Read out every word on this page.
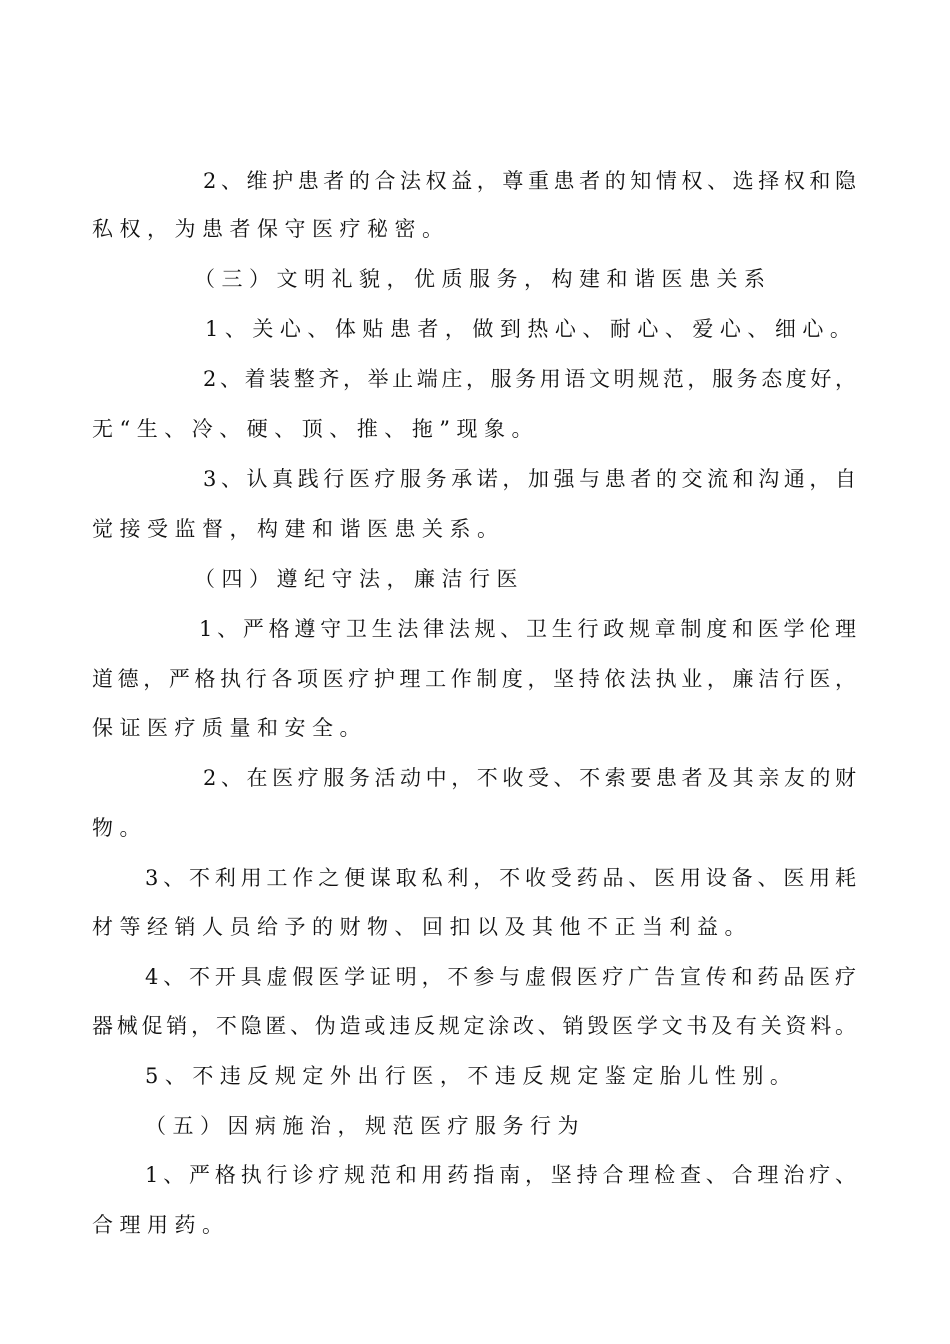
2、维护患者的合法权益，尊重患者的知情权、选择权和隐
私权，为患者保守医疗秘密。
（三）文明礼貌，优质服务，构建和谐医患关系
1、关心、体贴患者，做到热心、耐心、爱心、细心。
2、着装整齐，举止端庄，服务用语文明规范，服务态度好，
无“生、冷、硬、顶、推、拖”现象。
3、认真践行医疗服务承诺，加强与患者的交流和沟通，自
觉接受监督，构建和谐医患关系。
（四）遵纪守法，廉洁行医
1、严格遵守卫生法律法规、卫生行政规章制度和医学伦理
道德，严格执行各项医疗护理工作制度，坚持依法执业，廉洁行医，
保证医疗质量和安全。
2、在医疗服务活动中，不收受、不索要患者及其亲友的财
物。
3、不利用工作之便谋取私利，不收受药品、医用设备、医用耗
材等经销人员给予的财物、回扣以及其他不正当利益。
4、不开具虚假医学证明，不参与虚假医疗广告宣传和药品医疗
器械促销，不隐匿、伪造或违反规定涂改、销毁医学文书及有关资料。
5、不违反规定外出行医，不违反规定鉴定胎儿性别。
（五）因病施治，规范医疗服务行为
1、严格执行诊疗规范和用药指南，坚持合理检查、合理治疗、
合理用药。
